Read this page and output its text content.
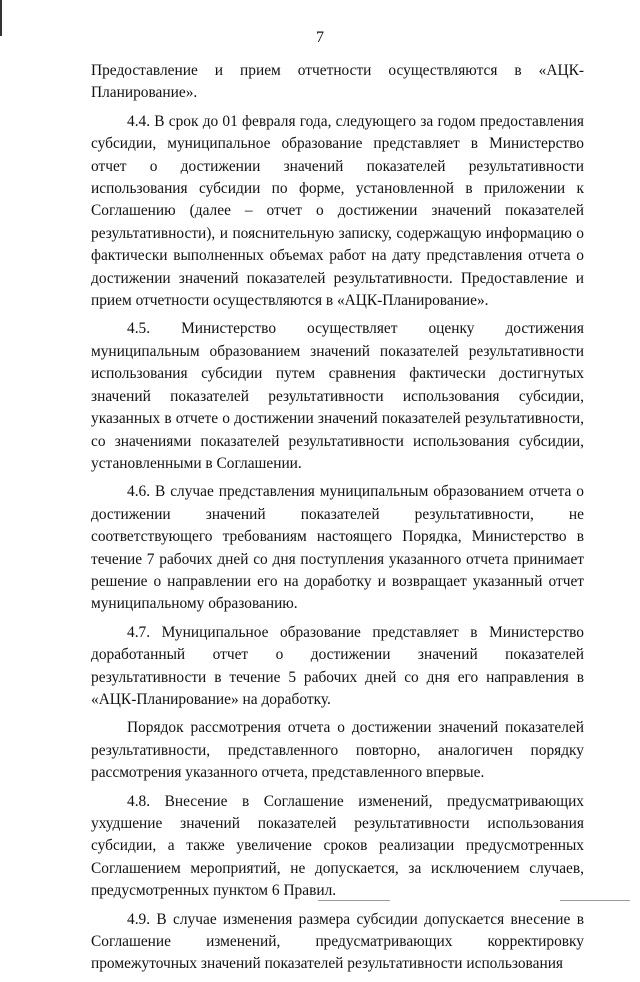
7

Предоставление и прием отчетности осуществляются в «АЦК-Планирование».

4.4. В срок до 01 февраля года, следующего за годом предоставления субсидии, муниципальное образование представляет в Министерство отчет о достижении значений показателей результативности использования субсидии по форме, установленной в приложении к Соглашению (далее – отчет о достижении значений показателей результативности), и пояснительную записку, содержащую информацию о фактически выполненных объемах работ на дату представления отчета о достижении значений показателей результативности. Предоставление и прием отчетности осуществляются в «АЦК-Планирование».

4.5. Министерство осуществляет оценку достижения муниципальным образованием значений показателей результативности использования субсидии путем сравнения фактически достигнутых значений показателей результативности использования субсидии, указанных в отчете о достижении значений показателей результативности, со значениями показателей результативности использования субсидии, установленными в Соглашении.

4.6. В случае представления муниципальным образованием отчета о достижении значений показателей результативности, не соответствующего требованиям настоящего Порядка, Министерство в течение 7 рабочих дней со дня поступления указанного отчета принимает решение о направлении его на доработку и возвращает указанный отчет муниципальному образованию.

4.7. Муниципальное образование представляет в Министерство доработанный отчет о достижении значений показателей результативности в течение 5 рабочих дней со дня его направления в «АЦК-Планирование» на доработку.

Порядок рассмотрения отчета о достижении значений показателей результативности, представленного повторно, аналогичен порядку рассмотрения указанного отчета, представленного впервые.

4.8. Внесение в Соглашение изменений, предусматривающих ухудшение значений показателей результативности использования субсидии, а также увеличение сроков реализации предусмотренных Соглашением мероприятий, не допускается, за исключением случаев, предусмотренных пунктом 6 Правил.

4.9. В случае изменения размера субсидии допускается внесение в Соглашение изменений, предусматривающих корректировку промежуточных значений показателей результативности использования
